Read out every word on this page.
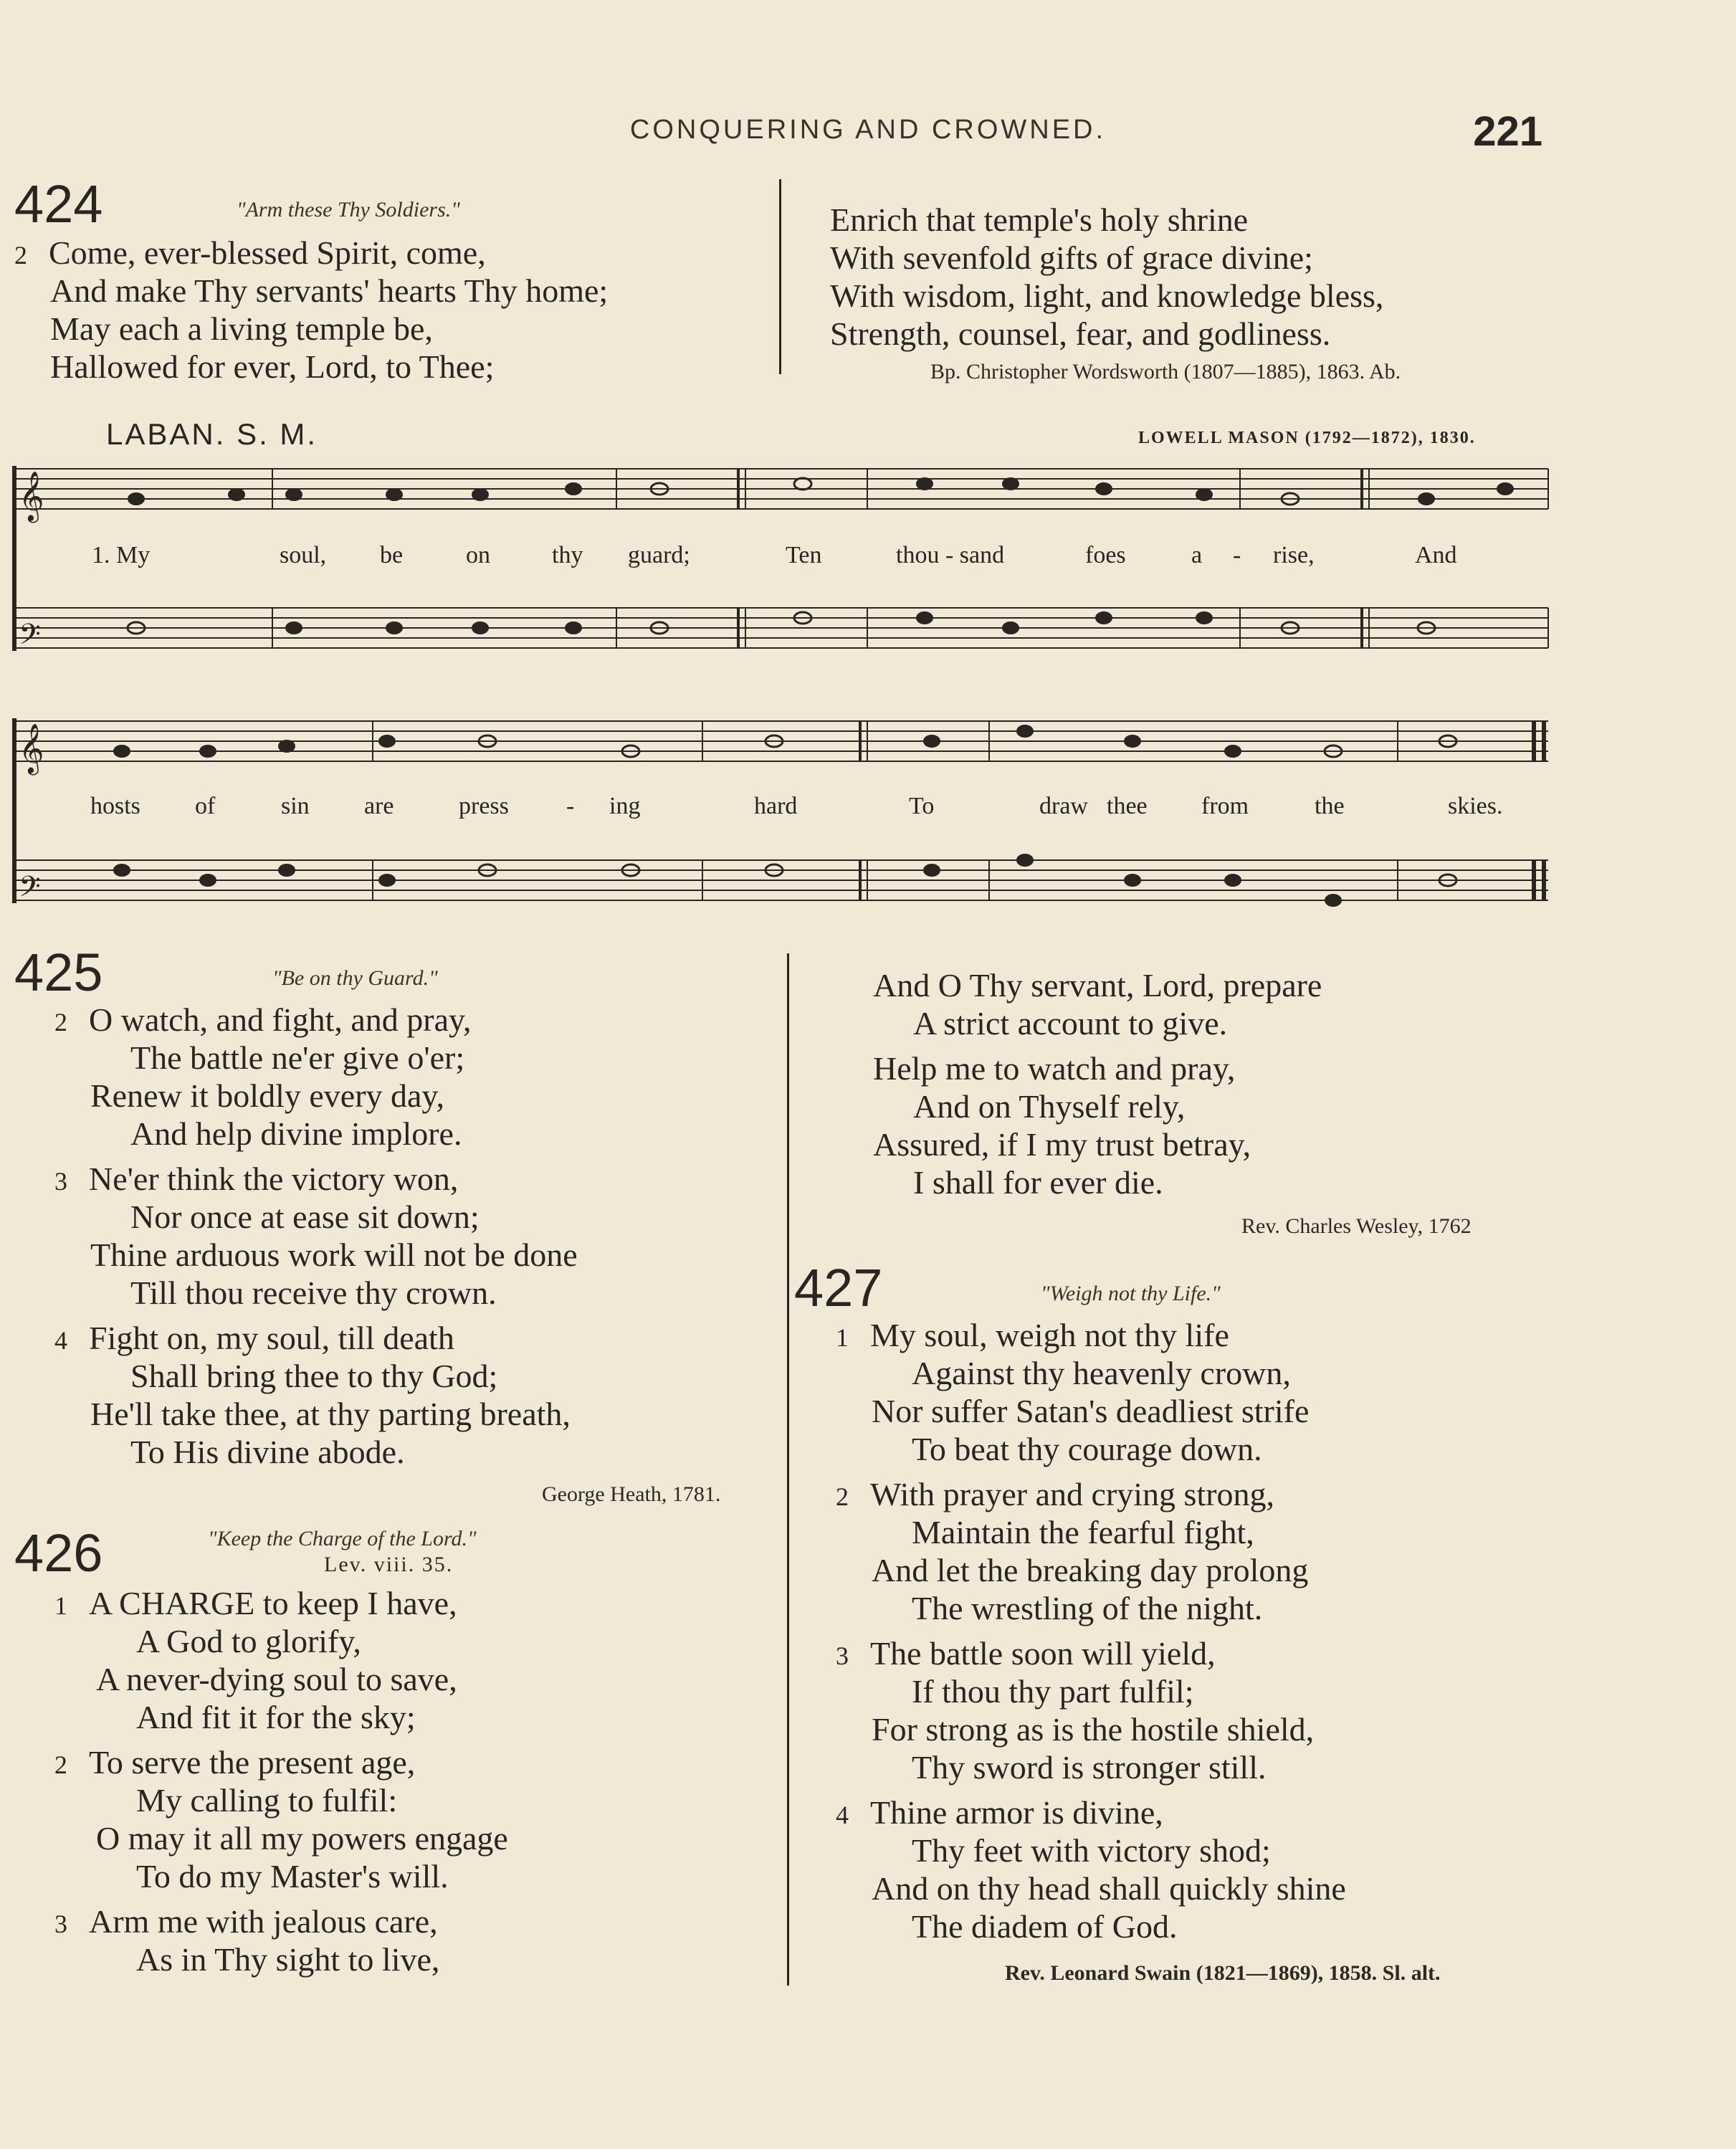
CONQUERING AND CROWNED.	221
424	"Arm these Thy Soldiers."
2 Come, ever-blessed Spirit, come,
And make Thy servants' hearts Thy home;
May each a living temple be,
Hallowed for ever, Lord, to Thee;
Enrich that temple's holy shrine
With sevenfold gifts of grace divine;
With wisdom, light, and knowledge bless,
Strength, counsel, fear, and godliness.
Bp. Christopher Wordsworth (1807—1885), 1863. Ab.
LABAN. S. M.	LOWELL MASON (1792—1872), 1830.
𝄞
𝄢
𝄞
𝄢
1. My	soul, be	on	thy guard;	Ten	thou - sand	foes	a - rise,	And
hosts of	sin are	press - ing	hard	To	draw thee from	the	skies.
425	"Be on thy Guard."
2 O watch, and fight, and pray,
The battle ne'er give o'er;
Renew it boldly every day,
And help divine implore.
3 Ne'er think the victory won,
Nor once at ease sit down;
Thine arduous work will not be done
Till thou receive thy crown.
4 Fight on, my soul, till death
Shall bring thee to thy God;
He'll take thee, at thy parting breath,
To His divine abode.
George Heath, 1781.
426	"Keep the Charge of the Lord."
Lev. viii. 35.
1 A CHARGE to keep I have,
A God to glorify,
A never-dying soul to save,
And fit it for the sky;
2 To serve the present age,
My calling to fulfil:
O may it all my powers engage
To do my Master's will.
3 Arm me with jealous care,
As in Thy sight to live,
And O Thy servant, Lord, prepare
A strict account to give.
Help me to watch and pray,
And on Thyself rely,
Assured, if I my trust betray,
I shall for ever die.
Rev. Charles Wesley, 1762
427	"Weigh not thy Life."
1 My soul, weigh not thy life
Against thy heavenly crown,
Nor suffer Satan's deadliest strife
To beat thy courage down.
2 With prayer and crying strong,
Maintain the fearful fight,
And let the breaking day prolong
The wrestling of the night.
3 The battle soon will yield,
If thou thy part fulfil;
For strong as is the hostile shield,
Thy sword is stronger still.
4 Thine armor is divine,
Thy feet with victory shod;
And on thy head shall quickly shine
The diadem of God.
Rev. Leonard Swain (1821—1869), 1858. Sl. alt.
